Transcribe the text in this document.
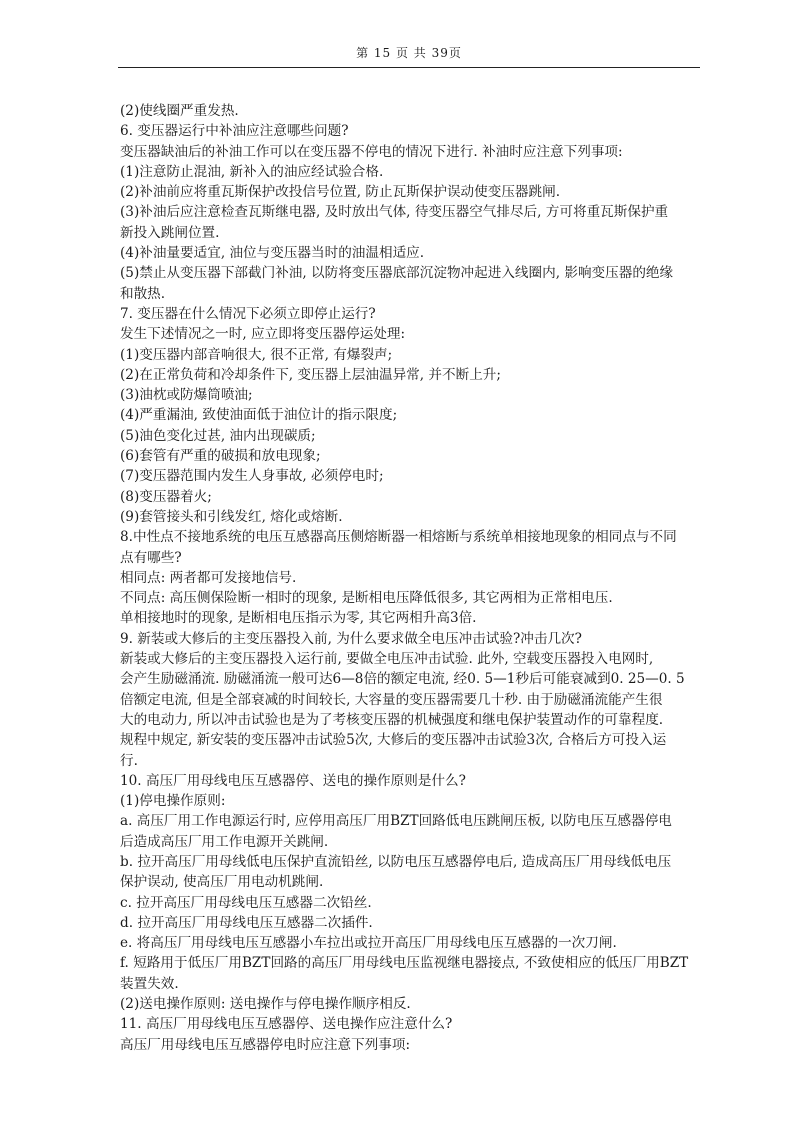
第 15 页 共 39页
(2)使线圈严重发热.
6. 变压器运行中补油应注意哪些问题?
变压器缺油后的补油工作可以在变压器不停电的情况下进行. 补油时应注意下列事项:
(1)注意防止混油, 新补入的油应经试验合格.
(2)补油前应将重瓦斯保护改投信号位置, 防止瓦斯保护误动使变压器跳闸.
(3)补油后应注意检查瓦斯继电器, 及时放出气体, 待变压器空气排尽后, 方可将重瓦斯保护重
新投入跳闸位置.
(4)补油量要适宜, 油位与变压器当时的油温相适应.
(5)禁止从变压器下部截门补油, 以防将变压器底部沉淀物冲起进入线圈内, 影响变压器的绝缘
和散热.
7. 变压器在什么情况下必须立即停止运行?
发生下述情况之一时, 应立即将变压器停运处理:
(1)变压器内部音响很大, 很不正常, 有爆裂声;
(2)在正常负荷和冷却条件下, 变压器上层油温异常, 并不断上升;
(3)油枕或防爆筒喷油;
(4)严重漏油, 致使油面低于油位计的指示限度;
(5)油色变化过甚, 油内出现碳质;
(6)套管有严重的破损和放电现象;
(7)变压器范围内发生人身事故, 必须停电时;
(8)变压器着火;
(9)套管接头和引线发红, 熔化或熔断.
8.中性点不接地系统的电压互感器高压侧熔断器一相熔断与系统单相接地现象的相同点与不同
点有哪些?
相同点: 两者都可发接地信号.
不同点: 高压侧保险断一相时的现象, 是断相电压降低很多, 其它两相为正常相电压.
单相接地时的现象, 是断相电压指示为零, 其它两相升高3倍.
9. 新装或大修后的主变压器投入前, 为什么要求做全电压冲击试验?冲击几次?
新装或大修后的主变压器投入运行前, 要做全电压冲击试验. 此外, 空载变压器投入电网时,
会产生励磁涌流. 励磁涌流一般可达6—8倍的额定电流, 经0. 5—1秒后可能衰减到0. 25—0. 5
倍额定电流, 但是全部衰减的时间较长, 大容量的变压器需要几十秒. 由于励磁涌流能产生很
大的电动力, 所以冲击试验也是为了考核变压器的机械强度和继电保护装置动作的可靠程度.
规程中规定, 新安装的变压器冲击试验5次, 大修后的变压器冲击试验3次, 合格后方可投入运
行.
10. 高压厂用母线电压互感器停、送电的操作原则是什么?
(1)停电操作原则:
a. 高压厂用工作电源运行时, 应停用高压厂用BZT回路低电压跳闸压板, 以防电压互感器停电
后造成高压厂用工作电源开关跳闸.
b. 拉开高压厂用母线低电压保护直流铅丝, 以防电压互感器停电后, 造成高压厂用母线低电压
保护误动, 使高压厂用电动机跳闸.
c. 拉开高压厂用母线电压互感器二次铅丝.
d. 拉开高压厂用母线电压互感器二次插件.
e. 将高压厂用母线电压互感器小车拉出或拉开高压厂用母线电压互感器的一次刀闸.
f. 短路用于低压厂用BZT回路的高压厂用母线电压监视继电器接点, 不致使相应的低压厂用BZT
装置失效.
(2)送电操作原则: 送电操作与停电操作顺序相反.
11. 高压厂用母线电压互感器停、送电操作应注意什么?
高压厂用母线电压互感器停电时应注意下列事项:
